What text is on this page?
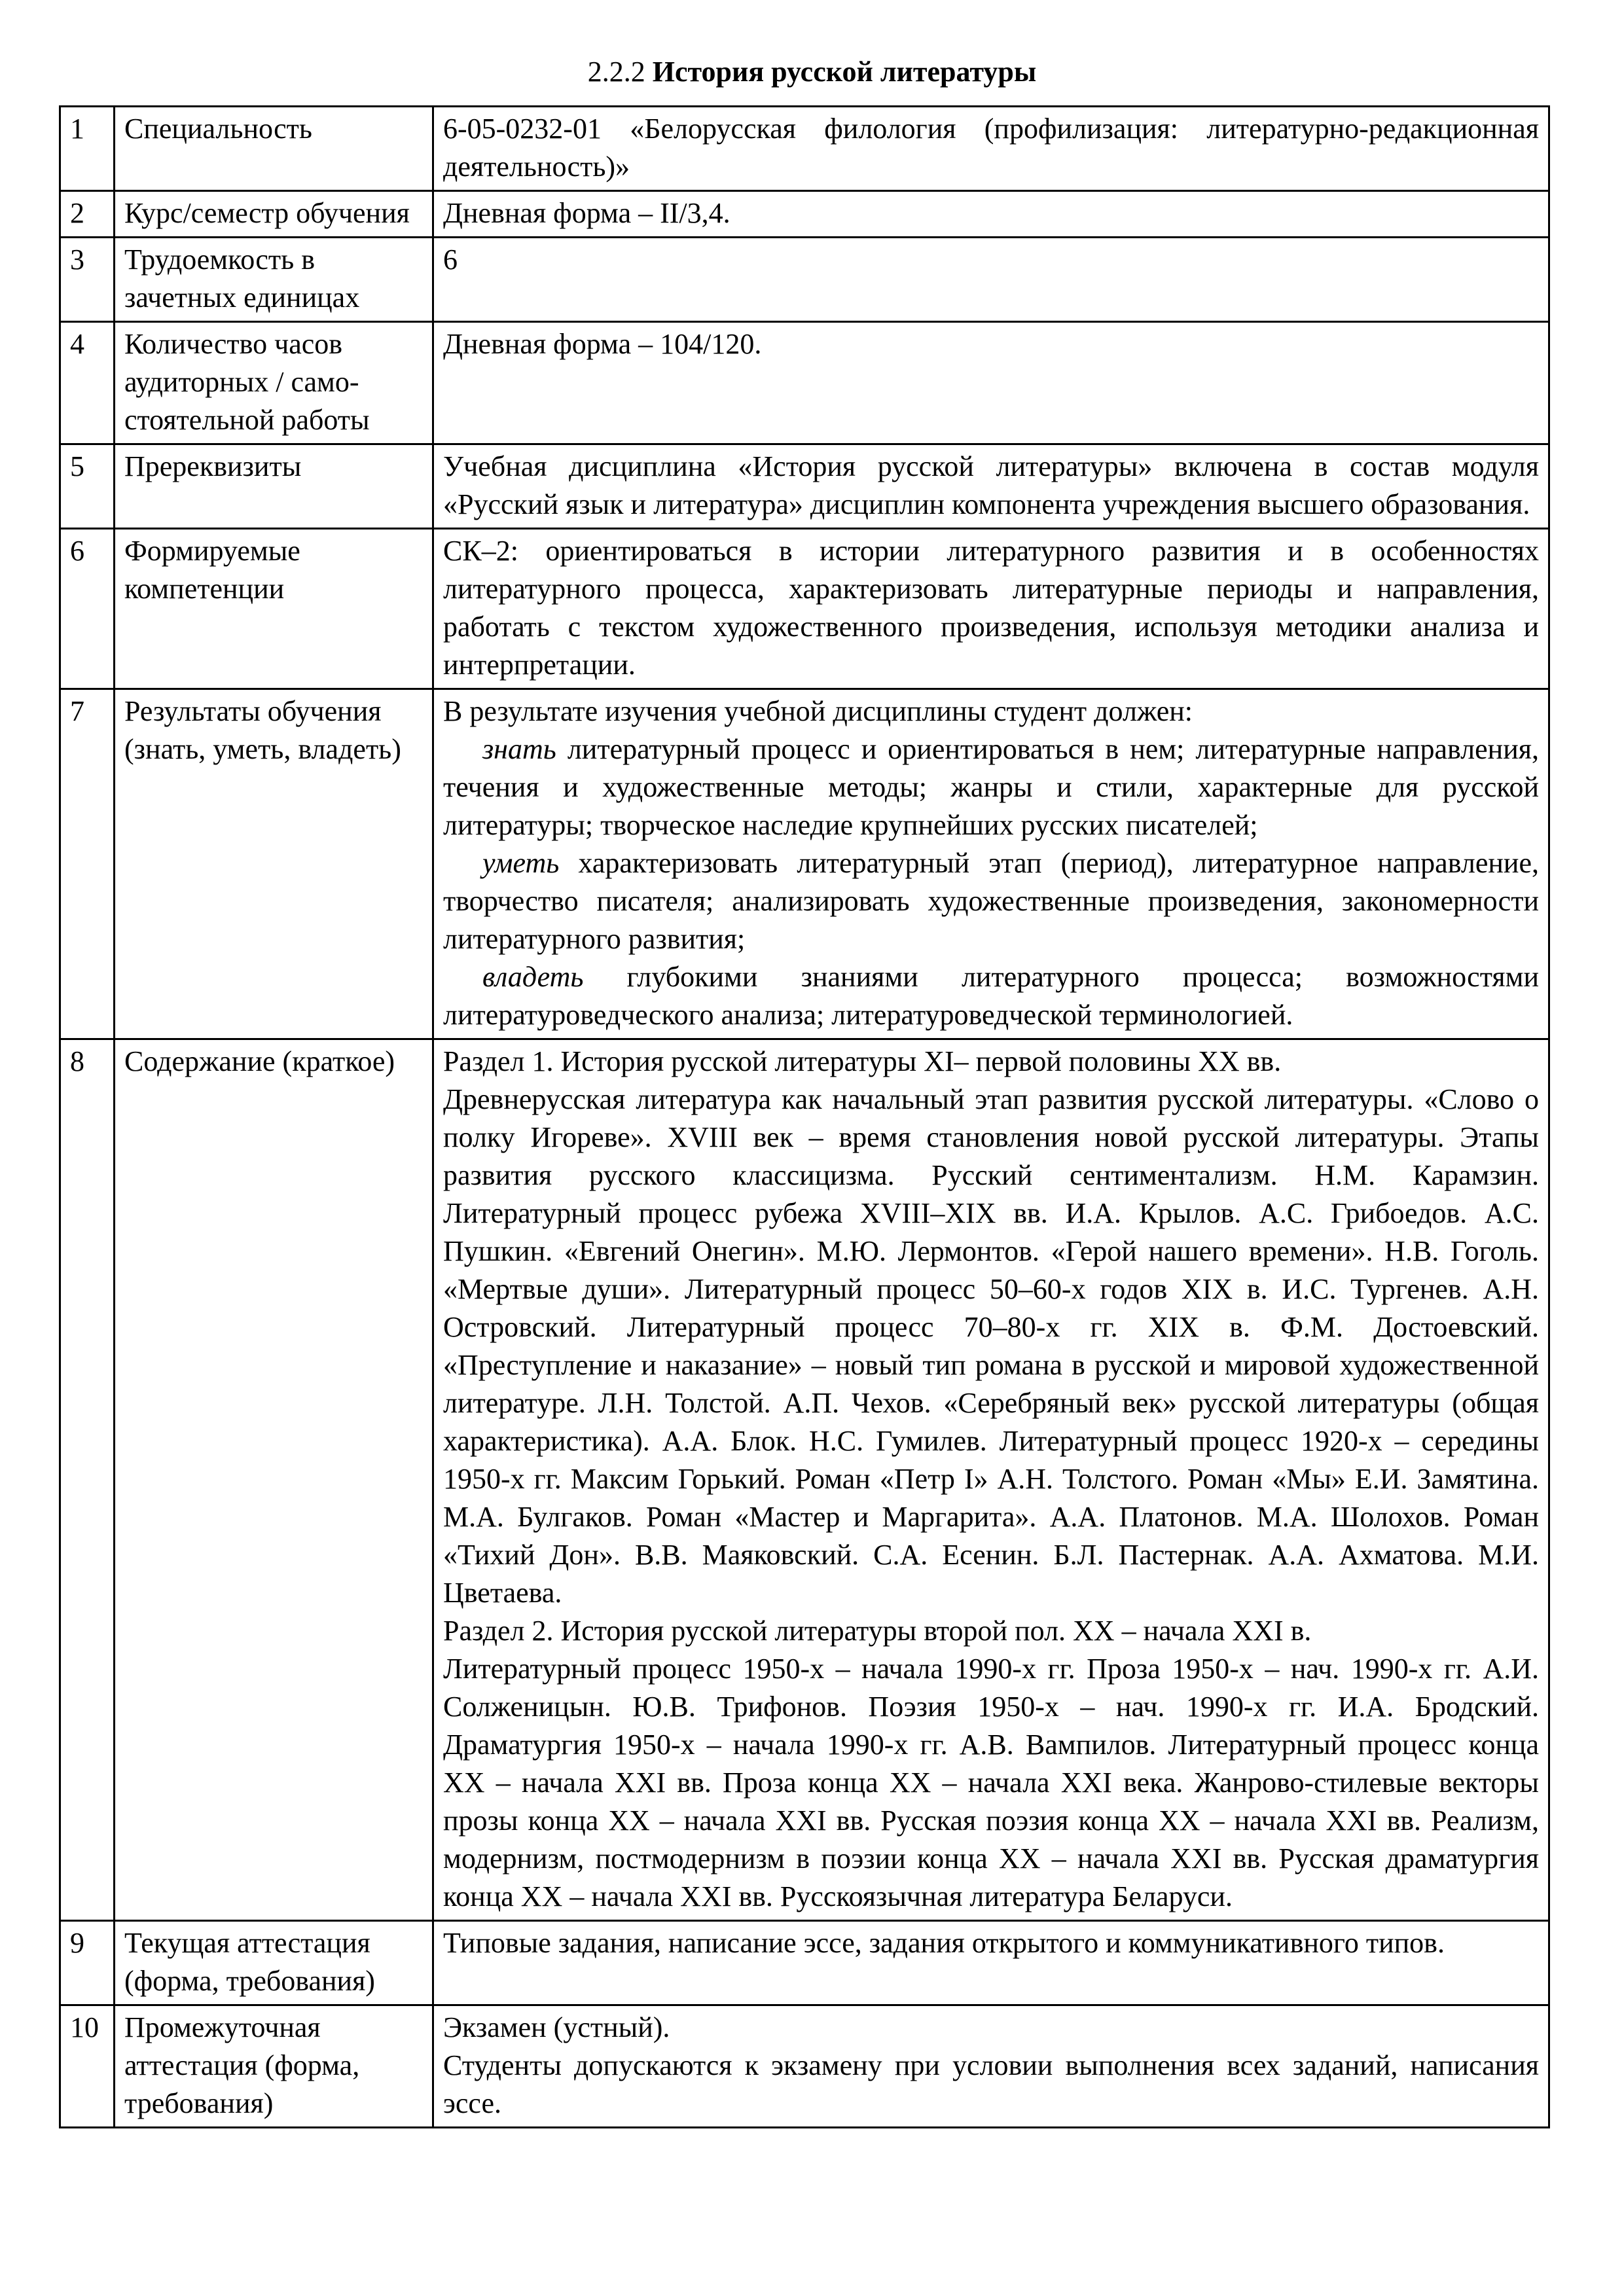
2.2.2 История русской литературы
1	Специальность	6-05-0232-01 «Белорусская филология (профилизация: литературно-редакционная деятельность)»
2	Курс/семестр обучения	Дневная форма – II/3,4.
3	Трудоемкость в зачетных единицах	6
4	Количество часов аудиторных / само-стоятельной работы	Дневная форма – 104/120.
5	Пререквизиты	Учебная дисциплина «История русской литературы» включена в состав модуля «Русский язык и литература» дисциплин компонента учреждения высшего образования.
6	Формируемые компетенции	СК–2: ориентироваться в истории литературного развития и в особенностях литературного процесса, характеризовать литературные периоды и направления, работать с текстом художественного произведения, используя методики анализа и интерпретации.
7	Результаты обучения (знать, уметь, владеть)	В результате изучения учебной дисциплины студент должен:
знать литературный процесс и ориентироваться в нем; литературные направления, течения и художественные методы; жанры и стили, характерные для русской литературы; творческое наследие крупнейших русских писателей;
уметь характеризовать литературный этап (период), литературное направление, творчество писателя; анализировать художественные произведения, закономерности литературного развития;
владеть глубокими знаниями литературного процесса; возможностями литературоведческого анализа; литературоведческой терминологией.

8	Содержание (краткое)	Раздел 1. История русской литературы XI– первой половины XX вв.
Древнерусская литература как начальный этап развития русской литературы. «Слово о полку Игореве». XVIII век – время становления новой русской литературы. Этапы развития русского классицизма. Русский сентиментализм. Н.М. Карамзин. Литературный процесс рубежа XVIII–XIX вв. И.А. Крылов. А.С. Грибоедов. А.С. Пушкин. «Евгений Онегин». М.Ю. Лермонтов. «Герой нашего времени». Н.В. Гоголь. «Мертвые души». Литературный процесс 50–60-х годов XIX в. И.С. Тургенев. А.Н. Островский. Литературный процесс 70–80-х гг. XIX в. Ф.М. Достоевский. «Преступление и наказание» – новый тип романа в русской и мировой художественной литературе. Л.Н. Толстой. А.П. Чехов. «Серебряный век» русской литературы (общая характеристика). А.А. Блок. Н.С. Гумилев. Литературный процесс 1920-х – середины 1950-х гг. Максим Горький. Роман «Петр I» А.Н. Толстого. Роман «Мы» Е.И. Замятина. М.А. Булгаков. Роман «Мастер и Маргарита». А.А. Платонов. М.А. Шолохов. Роман «Тихий Дон». В.В. Маяковский. С.А. Есенин. Б.Л. Пастернак. А.А. Ахматова. М.И. Цветаева.
Раздел 2. История русской литературы второй пол. XX – начала XXI в.
Литературный процесс 1950-х – начала 1990-х гг. Проза 1950-х – нач. 1990-х гг. А.И. Солженицын. Ю.В. Трифонов. Поэзия 1950-х – нач. 1990-х гг. И.А. Бродский. Драматургия 1950-х – начала 1990-х гг. А.В. Вампилов. Литературный процесс конца XX – начала XXI вв. Проза конца XX – начала XXI века. Жанрово-стилевые векторы прозы конца XX – начала XXI вв. Русская поэзия конца XX – начала XXI вв. Реализм, модернизм, постмодернизм в поэзии конца XX – начала XXI вв. Русская драматургия конца XX – начала XXI вв. Русскоязычная литература Беларуси.

9	Текущая аттестация (форма, требования)	Типовые задания, написание эссе, задания открытого и коммуникативного типов.
10	Промежуточная аттестация (форма, требования)	Экзамен (устный).
Студенты допускаются к экзамену при условии выполнения всех заданий, написания эссе.
